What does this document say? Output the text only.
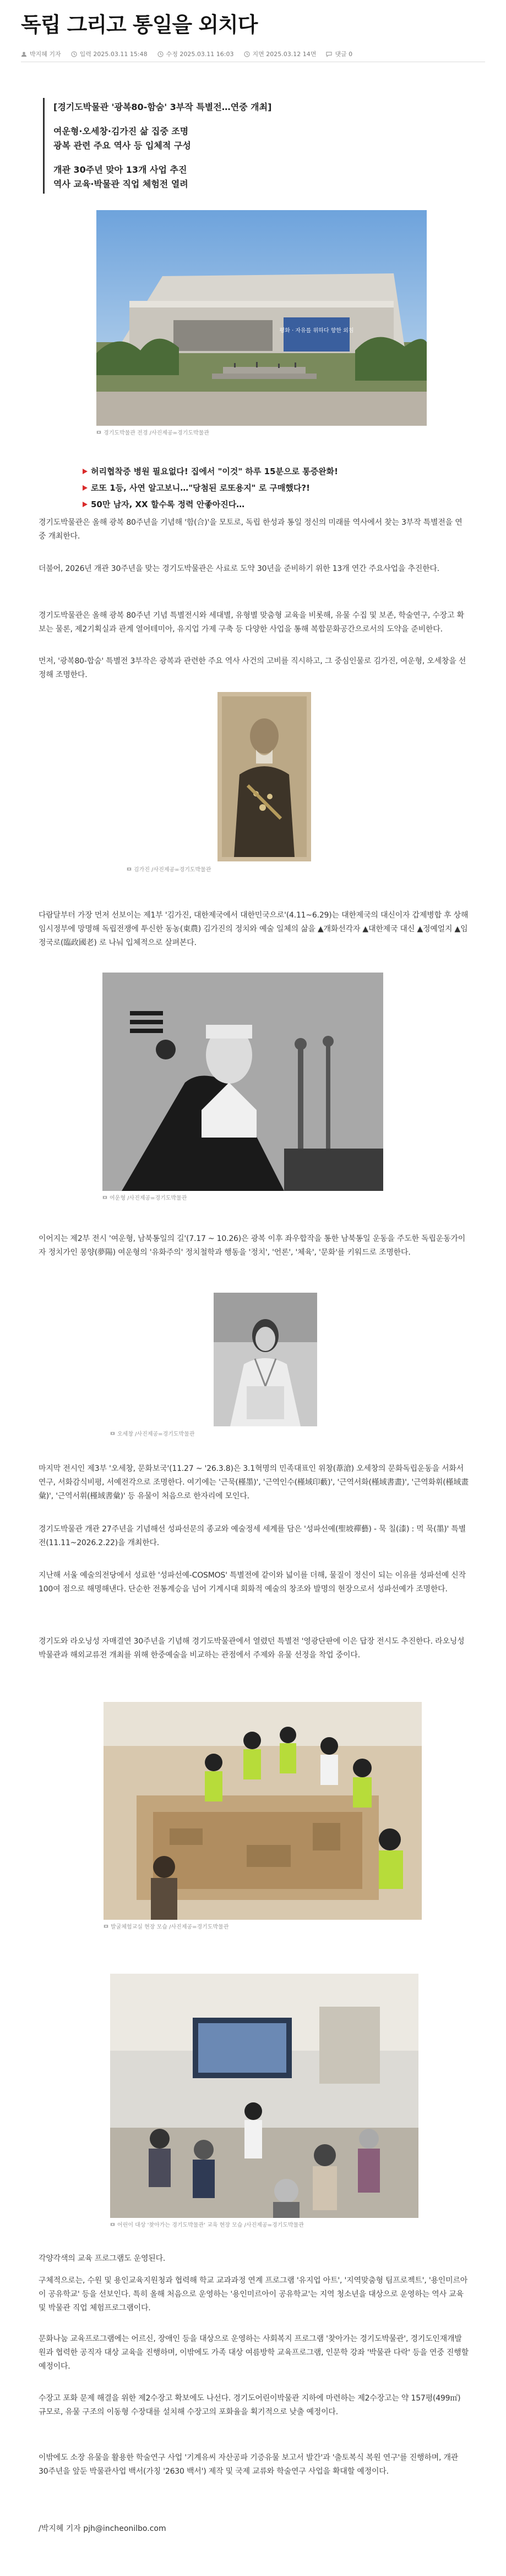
독립 그리고 통일을 외치다
박지혜 기자	입력 2025.03.11 15:48	수정 2025.03.11 16:03	지면 2025.03.12 14면	댓글 0
[경기도박물관 '광복80-함숨' 3부작 특별전…연중 개최]
여운형·오세창·김가진 삶 집중 조명
광복 관련 주요 역사 등 입체적 구성
개관 30주년 맞아 13개 사업 추진
역사 교육·박물관 직업 체험전 열려
평화 · 자유를 위하다 향한 외침
경기도박물관 전경 /사진제공=경기도박물관
허리협착증 병원 필요없다! 집에서 "이것" 하루 15분으로 통증완화!
로또 1등, 사연 알고보니…"당첨된 로또용지" 로 구매했다?!
50만 남자, XX 할수록 정력 안좋아진다…

경기도박물관은 올해 광복 80주년을 기념해 '함(合)'을 모토로, 독립 한성과 통일 정신의 미래를 역사에서 찾는 3부작 특별전을 연중 개최한다.

더불어, 2026년 개관 30주년을 맞는 경기도박물관은 사료로 도약 30년을 준비하기 위한 13개 연간 주요사업을 추진한다.

경기도박물관은 올해 광복 80주년 기념 특별전시와 세대별, 유형별 맞춤형 교육을 비롯해, 유물 수집 및 보존, 학술연구, 수장고 확보는 물론, 제2기획실과 관계 열어테미아, 유지업 가제 구축 등 다양한 사업을 통해 복합문화공간으로서의 도약을 준비한다.

먼저, '광복80-합숨' 특별전 3부작은 광복과 관련한 주요 역사 사건의 고비를 직시하고, 그 중심인물로 김가진, 여운형, 오세창을 선정해 조명한다.

김가진 /사진제공=경기도박물관

다람달부터 가장 먼저 선보이는 제1부 '김가진, 대한제국에서 대한민국으로'(4.11~6.29)는 대한제국의 대신이자 갑제병합 후 상해 임시정부에 망명해 독립전쟁에 투신한 동농(東農) 김가진의 정치와 예술 일체의 삶을 ▲개화선각자 ▲대한제국 대신 ▲정예얼지 ▲임정국로(臨政國老) 로 나눠 입체적으로 살펴본다.

여운형 /사진제공=경기도박물관

이어지는 제2부 전시 '여운형, 남북통일의 길'(7.17 ~ 10.26)은 광복 이후 좌우합작을 통한 남북통일 운동을 주도한 독립운동가이자 정치가인 몽양(夢陽) 여운형의 '유화주의' 정치철학과 행동을 '정치', '언론', '체육', '문화'를 키워드로 조명한다.

오세창 /사진제공=경기도박물관

마지막 전시인 제3부 '오세창, 문화보국'(11.27 ~ '26.3.8)은 3.1혁명의 민족대표인 위창(葦滄) 오세창의 문화독립운동을 서화서연구, 서화감식비평, 서예전각으로 조명한다. 여기에는 '근묵(槿墨)', '근역인수(槿域印藪)', '근역서화(槿域書畫)', '근역화휘(槿域畫彙)', '근역서휘(槿域書彙)' 등 유물이 처음으로 한자리에 모인다.

경기도박물관 개관 27주년을 기념해선 성파선문의 종교와 예술정세 세계를 담은 '성파선예(聖坡禪藝) - 묵 칠(漆) : 먹 묵(墨)' 특별전(11.11~2026.2.22)을 개최한다.

지난해 서울 예술의전당에서 성료한 '성파선예-COSMOS' 특별전에 같이와 넓이를 더해, 물질이 정신이 되는 이유를 성파선예 신작 100여 점으로 해명해낸다. 단순한 전통계승을 넘어 기계시대 회화적 예술의 창조와 발명의 현장으로서 성파선예가 조명한다.

경기도와 라오닝성 자매결연 30주년을 기념해 경기도박물관에서 열렸던 특별전 '영광단판에 이은 답장 전시도 추진한다. 라오닝성박물관과 해외교류전 개최를 위해 한중예술을 비교하는 관점에서 주제와 유물 선정을 착업 중이다.

발굴체험교실 현장 모습 /사진제공=경기도박물관
어린이 대상 '찾아가는 경기도박물관' 교육 현장 모습 /사진제공=경기도박물관

각양각색의 교육 프로그램도 운영된다.

구체적으로는, 수원 및 용인교육지원청과 협력해 학교 교과과정 연계 프로그램 '유지업 아트', '지역맞춤형 팀프로젝트', '용인미르아이 공유학교' 등을 선보인다. 특히 올해 처음으로 운영하는 '용인미르아이 공유학교'는 지역 청소년을 대상으로 운영하는 역사 교육 및 박물관 직업 체험프로그램이다.

문화나눔 교육프로그램에는 어르신, 장애인 등을 대상으로 운영하는 사회복지 프로그램 '찾아가는 경기도박물관', 경기도인재개발원과 협력한 공직자 대상 교육을 진행하며, 이밖에도 가족 대상 여름방학 교육프로그램, 인문학 강좌 '박물관 다락' 등을 연중 진행할 예정이다.

수장고 포화 문제 해결을 위한 제2수장고 확보에도 나선다. 경기도어린이박물관 지하에 마련하는 제2수장고는 약 157평(499㎡) 규모로, 유물 구조의 이동형 수장대를 설치해 수장고의 포화율을 획기적으로 낮출 예정이다.

이밖에도 소장 유물을 활용한 학술연구 사업 '기계유씨 자산공파 기증유물 보고서 발간'과 '출토복식 복원 연구'를 진행하며, 개관 30주년을 앞둔 박물관사업 백서(가칭 '2630 백서') 제작 및 국제 교류와 학술연구 사업을 확대할 예정이다.

/박지혜 기자 pjh@incheonilbo.com
